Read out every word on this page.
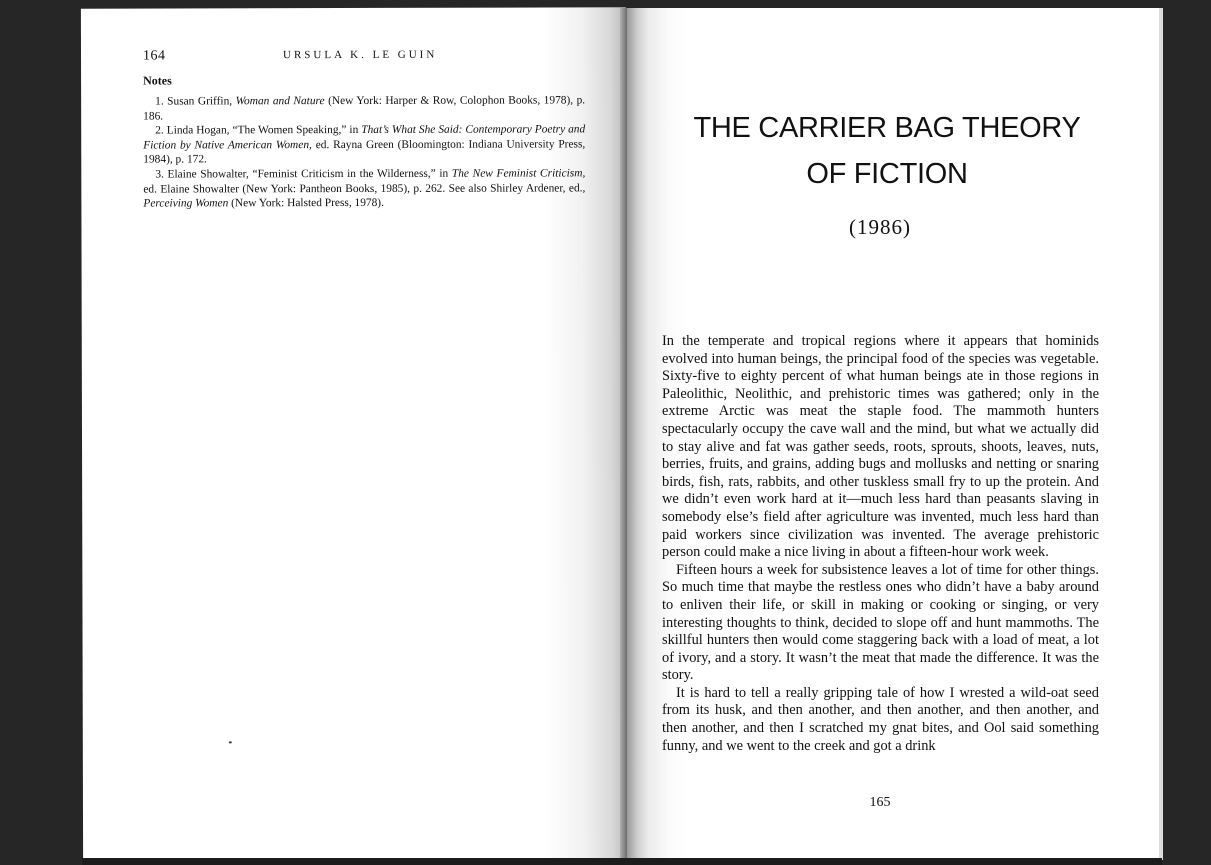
164	URSULA K. LE GUIN
Notes

1. Susan Griffin, Woman and Nature (New York: Harper & Row, Colophon Books, 1978), p. 186.

2. Linda Hogan, “The Women Speaking,” in That’s What She Said: Contemporary Poetry and Fiction by Native American Women, ed. Rayna Green (Bloomington: Indiana University Press, 1984), p. 172.

3. Elaine Showalter, “Feminist Criticism in the Wilderness,” in The New Feminist Criticism, ed. Elaine Showalter (New York: Pantheon Books, 1985), p. 262. See also Shirley Ardener, ed., Perceiving Women (New York: Halsted Press, 1978).

THE CARRIER BAG THEORY
OF FICTION
(1986)

In the temperate and tropical regions where it appears that hominids evolved into human beings, the principal food of the species was vegetable. Sixty-five to eighty percent of what human beings ate in those regions in Paleolithic, Neolithic, and prehistoric times was gathered; only in the extreme Arctic was meat the staple food. The mammoth hunters spectacularly occupy the cave wall and the mind, but what we actually did to stay alive and fat was gather seeds, roots, sprouts, shoots, leaves, nuts, berries, fruits, and grains, adding bugs and mollusks and netting or snaring birds, fish, rats, rabbits, and other tuskless small fry to up the protein. And we didn’t even work hard at it—much less hard than peasants slaving in somebody else’s field after agriculture was invented, much less hard than paid workers since civilization was invented. The average prehistoric person could make a nice living in about a fifteen-hour work week.

Fifteen hours a week for subsistence leaves a lot of time for other things. So much time that maybe the restless ones who didn’t have a baby around to enliven their life, or skill in making or cooking or singing, or very interesting thoughts to think, decided to slope off and hunt mammoths. The skillful hunters then would come staggering back with a load of meat, a lot of ivory, and a story. It wasn’t the meat that made the difference. It was the story.

It is hard to tell a really gripping tale of how I wrested a wild-oat seed from its husk, and then another, and then another, and then another, and then another, and then I scratched my gnat bites, and Ool said something funny, and we went to the creek and got a drink

165
